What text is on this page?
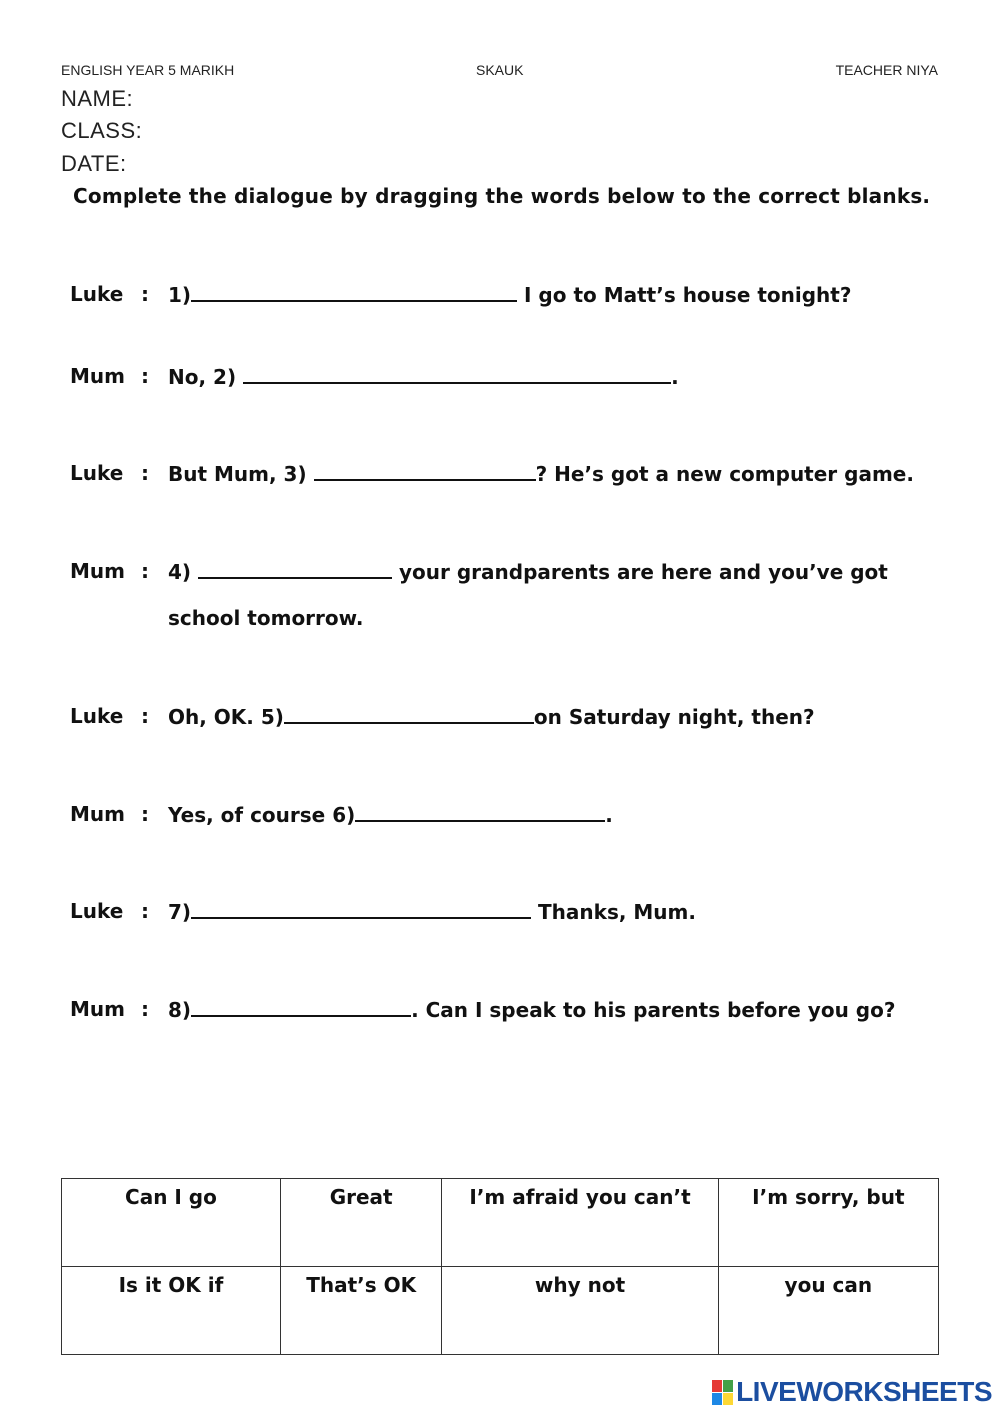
ENGLISH YEAR 5 MARIKH	SKAUK	TEACHER NIYA
NAME:
CLASS:
DATE:
Complete the dialogue by dragging the words below to the correct blanks.
Luke : 1)	I go to Matt’s house tonight?
Mum : No, 2)	.
Luke : But Mum, 3)	? He’s got a new computer game.
Mum : 4)	your grandparents are here and you’ve got
school tomorrow.
Luke : Oh, OK. 5)	on Saturday night, then?
Mum : Yes, of course 6)	.
Luke : 7)	Thanks, Mum.
Mum : 8)	. Can I speak to his parents before you go?
Can I go	Great	I’m afraid you can’t	I’m sorry, but
Is it OK if	That’s OK	why not	you can
LIVEWORKSHEETS
